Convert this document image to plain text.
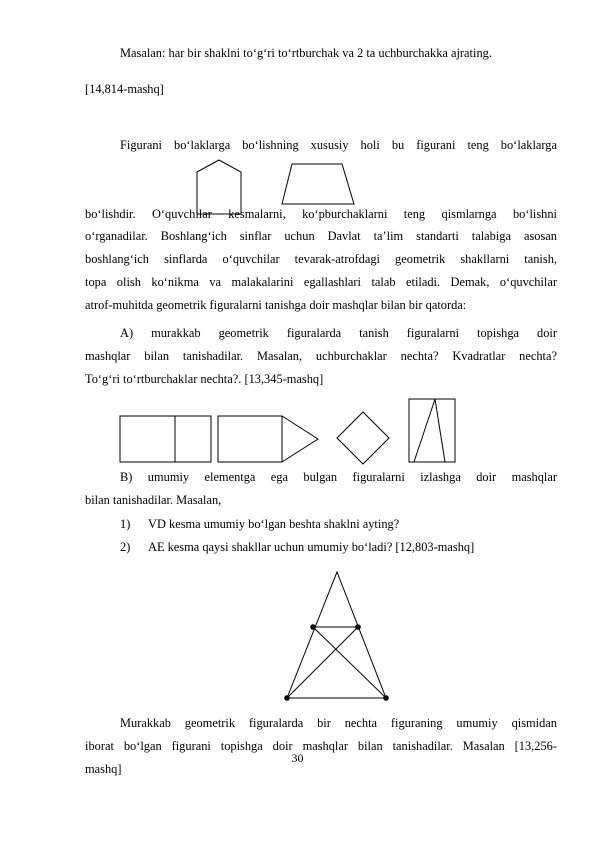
Masalan: har bir shaklni to‘g‘ri to‘rtburchak va 2 ta uchburchakka ajrating.
[14,814-mashq]
Figurani bo‘laklarga bo‘lishning xususiy holi bu figurani teng bo‘laklarga
bo‘lishdir. O‘quvchilar kesmalarni, ko‘pburchaklarni teng qismlarnga bo‘lishni
o‘rganadilar. Boshlang‘ich sinflar uchun Davlat ta’lim standarti talabiga asosan
boshlang‘ich sinflarda o‘quvchilar tevarak-atrofdagi geometrik shakllarni tanish,
topa olish ko‘nikma va malakalarini egallashlari talab etiladi. Demak, o‘quvchilar
atrof-muhitda geometrik figuralarni tanishga doir mashqlar bilan bir qatorda:
A) murakkab geometrik figuralarda tanish figuralarni topishga doir
mashqlar bilan tanishadilar. Masalan, uchburchaklar nechta? Kvadratlar nechta?
To‘g‘ri to‘rtburchaklar nechta?. [13,345-mashq]
B) umumiy elementga ega bulgan figuralarni izlashga doir mashqlar
bilan tanishadilar. Masalan,
1) VD kesma umumiy bo‘lgan beshta shaklni ayting?
2) AE kesma qaysi shakllar uchun umumiy bo‘ladi? [12,803-mashq]
Murakkab geometrik figuralarda bir nechta figuraning umumiy qismidan
iborat bo‘lgan figurani topishga doir mashqlar bilan tanishadilar. Masalan [13,256-
mashq]
30
